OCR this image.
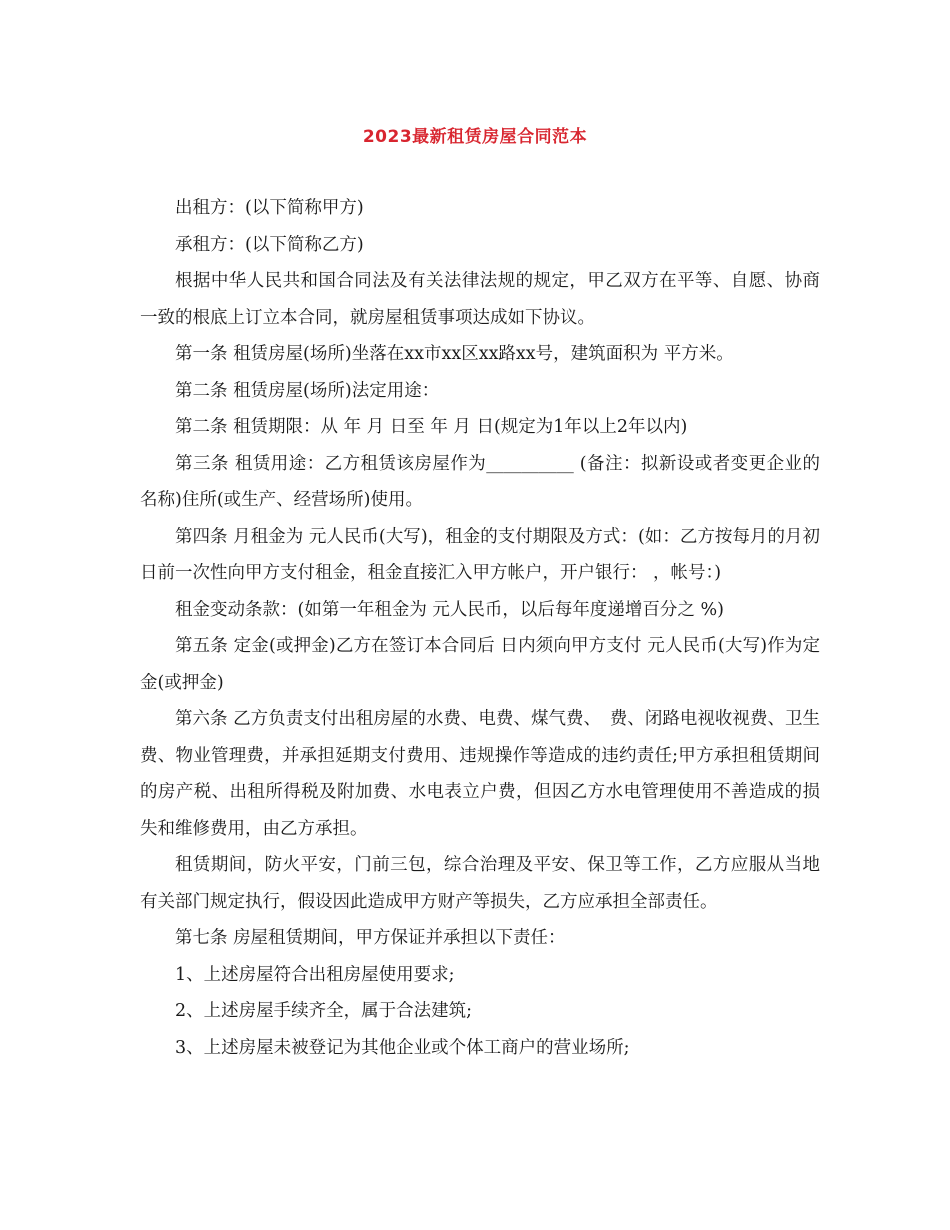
2023最新租赁房屋合同范本

出租方：(以下简称甲方)

承租方：(以下简称乙方)

根据中华人民共和国合同法及有关法律法规的规定，甲乙双方在平等、自愿、协商一致的根底上订立本合同，就房屋租赁事项达成如下协议。

第一条 租赁房屋(场所)坐落在xx市xx区xx路xx号，建筑面积为 平方米。

第二条 租赁房屋(场所)法定用途：

第二条 租赁期限：从 年 月 日至 年 月 日(规定为1年以上2年以内)

第三条 租赁用途：乙方租赁该房屋作为__________ (备注：拟新设或者变更企业的名称)住所(或生产、经营场所)使用。

第四条 月租金为 元人民币(大写)，租金的支付期限及方式：(如：乙方按每月的月初 日前一次性向甲方支付租金，租金直接汇入甲方帐户，开户银行： ，帐号：)

租金变动条款：(如第一年租金为 元人民币，以后每年度递增百分之 %)

第五条 定金(或押金)乙方在签订本合同后 日内须向甲方支付 元人民币(大写)作为定金(或押金)

第六条 乙方负责支付出租房屋的水费、电费、煤气费、　费、闭路电视收视费、卫生费、物业管理费，并承担延期支付费用、违规操作等造成的违约责任;甲方承担租赁期间的房产税、出租所得税及附加费、水电表立户费，但因乙方水电管理使用不善造成的损失和维修费用，由乙方承担。

租赁期间，防火平安，门前三包，综合治理及平安、保卫等工作，乙方应服从当地有关部门规定执行，假设因此造成甲方财产等损失，乙方应承担全部责任。

第七条 房屋租赁期间，甲方保证并承担以下责任：

1、上述房屋符合出租房屋使用要求;

2、上述房屋手续齐全，属于合法建筑;

3、上述房屋未被登记为其他企业或个体工商户的营业场所;
